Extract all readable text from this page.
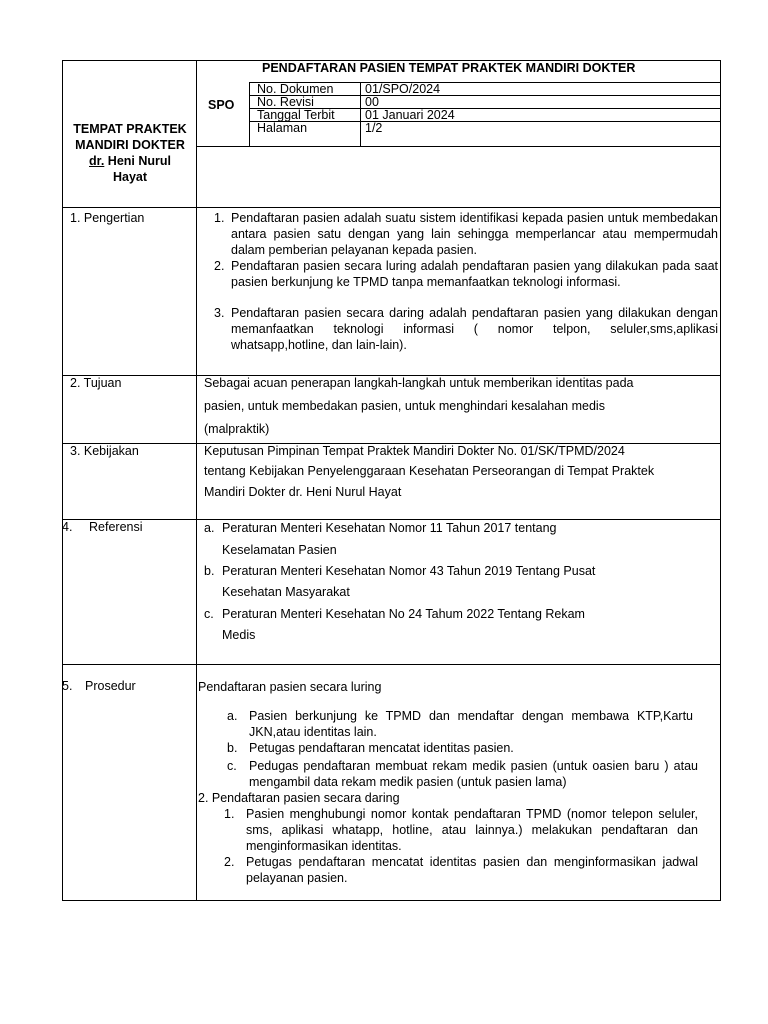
PENDAFTARAN PASIEN TEMPAT PRAKTEK MANDIRI DOKTER
SPO
TEMPAT PRAKTEK
MANDIRI DOKTER
dr. Heni Nurul
Hayat
No. Dokumen	01/SPO/2024
No. Revisi	00
Tanggal Terbit 01 Januari 2024
Halaman	1/2
1. Pengertian	1. Pendaftaran pasien adalah suatu sistem identifikasi kepada pasien untuk membedakan antara pasien satu dengan yang lain sehingga memperlancar atau mempermudah dalam pemberian pelayanan kepada pasien.
2. Pendaftaran pasien secara luring adalah pendaftaran pasien yang dilakukan pada saat pasien berkunjung ke TPMD tanpa memanfaatkan teknologi informasi.
3. Pendaftaran pasien secara daring adalah pendaftaran pasien yang dilakukan dengan memanfaatkan teknologi informasi ( nomor telpon, seluler,sms,aplikasi whatsapp,hotline, dan lain-lain).
2. Tujuan	Sebagai acuan penerapan langkah-langkah untuk memberikan identitas pada
pasien, untuk membedakan pasien, untuk menghindari kesalahan medis
(malpraktik)
3. Kebijakan	Keputusan Pimpinan Tempat Praktek Mandiri Dokter No. 01/SK/TPMD/2024
tentang Kebijakan Penyelenggaraan Kesehatan Perseorangan di Tempat Praktek
Mandiri Dokter dr. Heni Nurul Hayat
4. Referensi	a. Peraturan Menteri Kesehatan Nomor 11 Tahun 2017 tentang
Keselamatan Pasien
b. Peraturan Menteri Kesehatan Nomor 43 Tahun 2019 Tentang Pusat
Kesehatan Masyarakat
c. Peraturan Menteri Kesehatan No 24 Tahum 2022 Tentang Rekam
Medis
5. Prosedur	Pendaftaran pasien secara luring
a. Pasien berkunjung ke TPMD dan mendaftar dengan membawa KTP,Kartu JKN,atau identitas lain.
b. Petugas pendaftaran mencatat identitas pasien.
c. Pedugas pendaftaran membuat rekam medik pasien (untuk oasien baru ) atau mengambil data rekam medik pasien (untuk pasien lama)
2. Pendaftaran pasien secara daring
1. Pasien menghubungi nomor kontak pendaftaran TPMD (nomor telepon seluler, sms, aplikasi whatapp, hotline, atau lainnya.) melakukan pendaftaran dan menginformasikan identitas.
2. Petugas pendaftaran mencatat identitas pasien dan menginformasikan jadwal pelayanan pasien.
